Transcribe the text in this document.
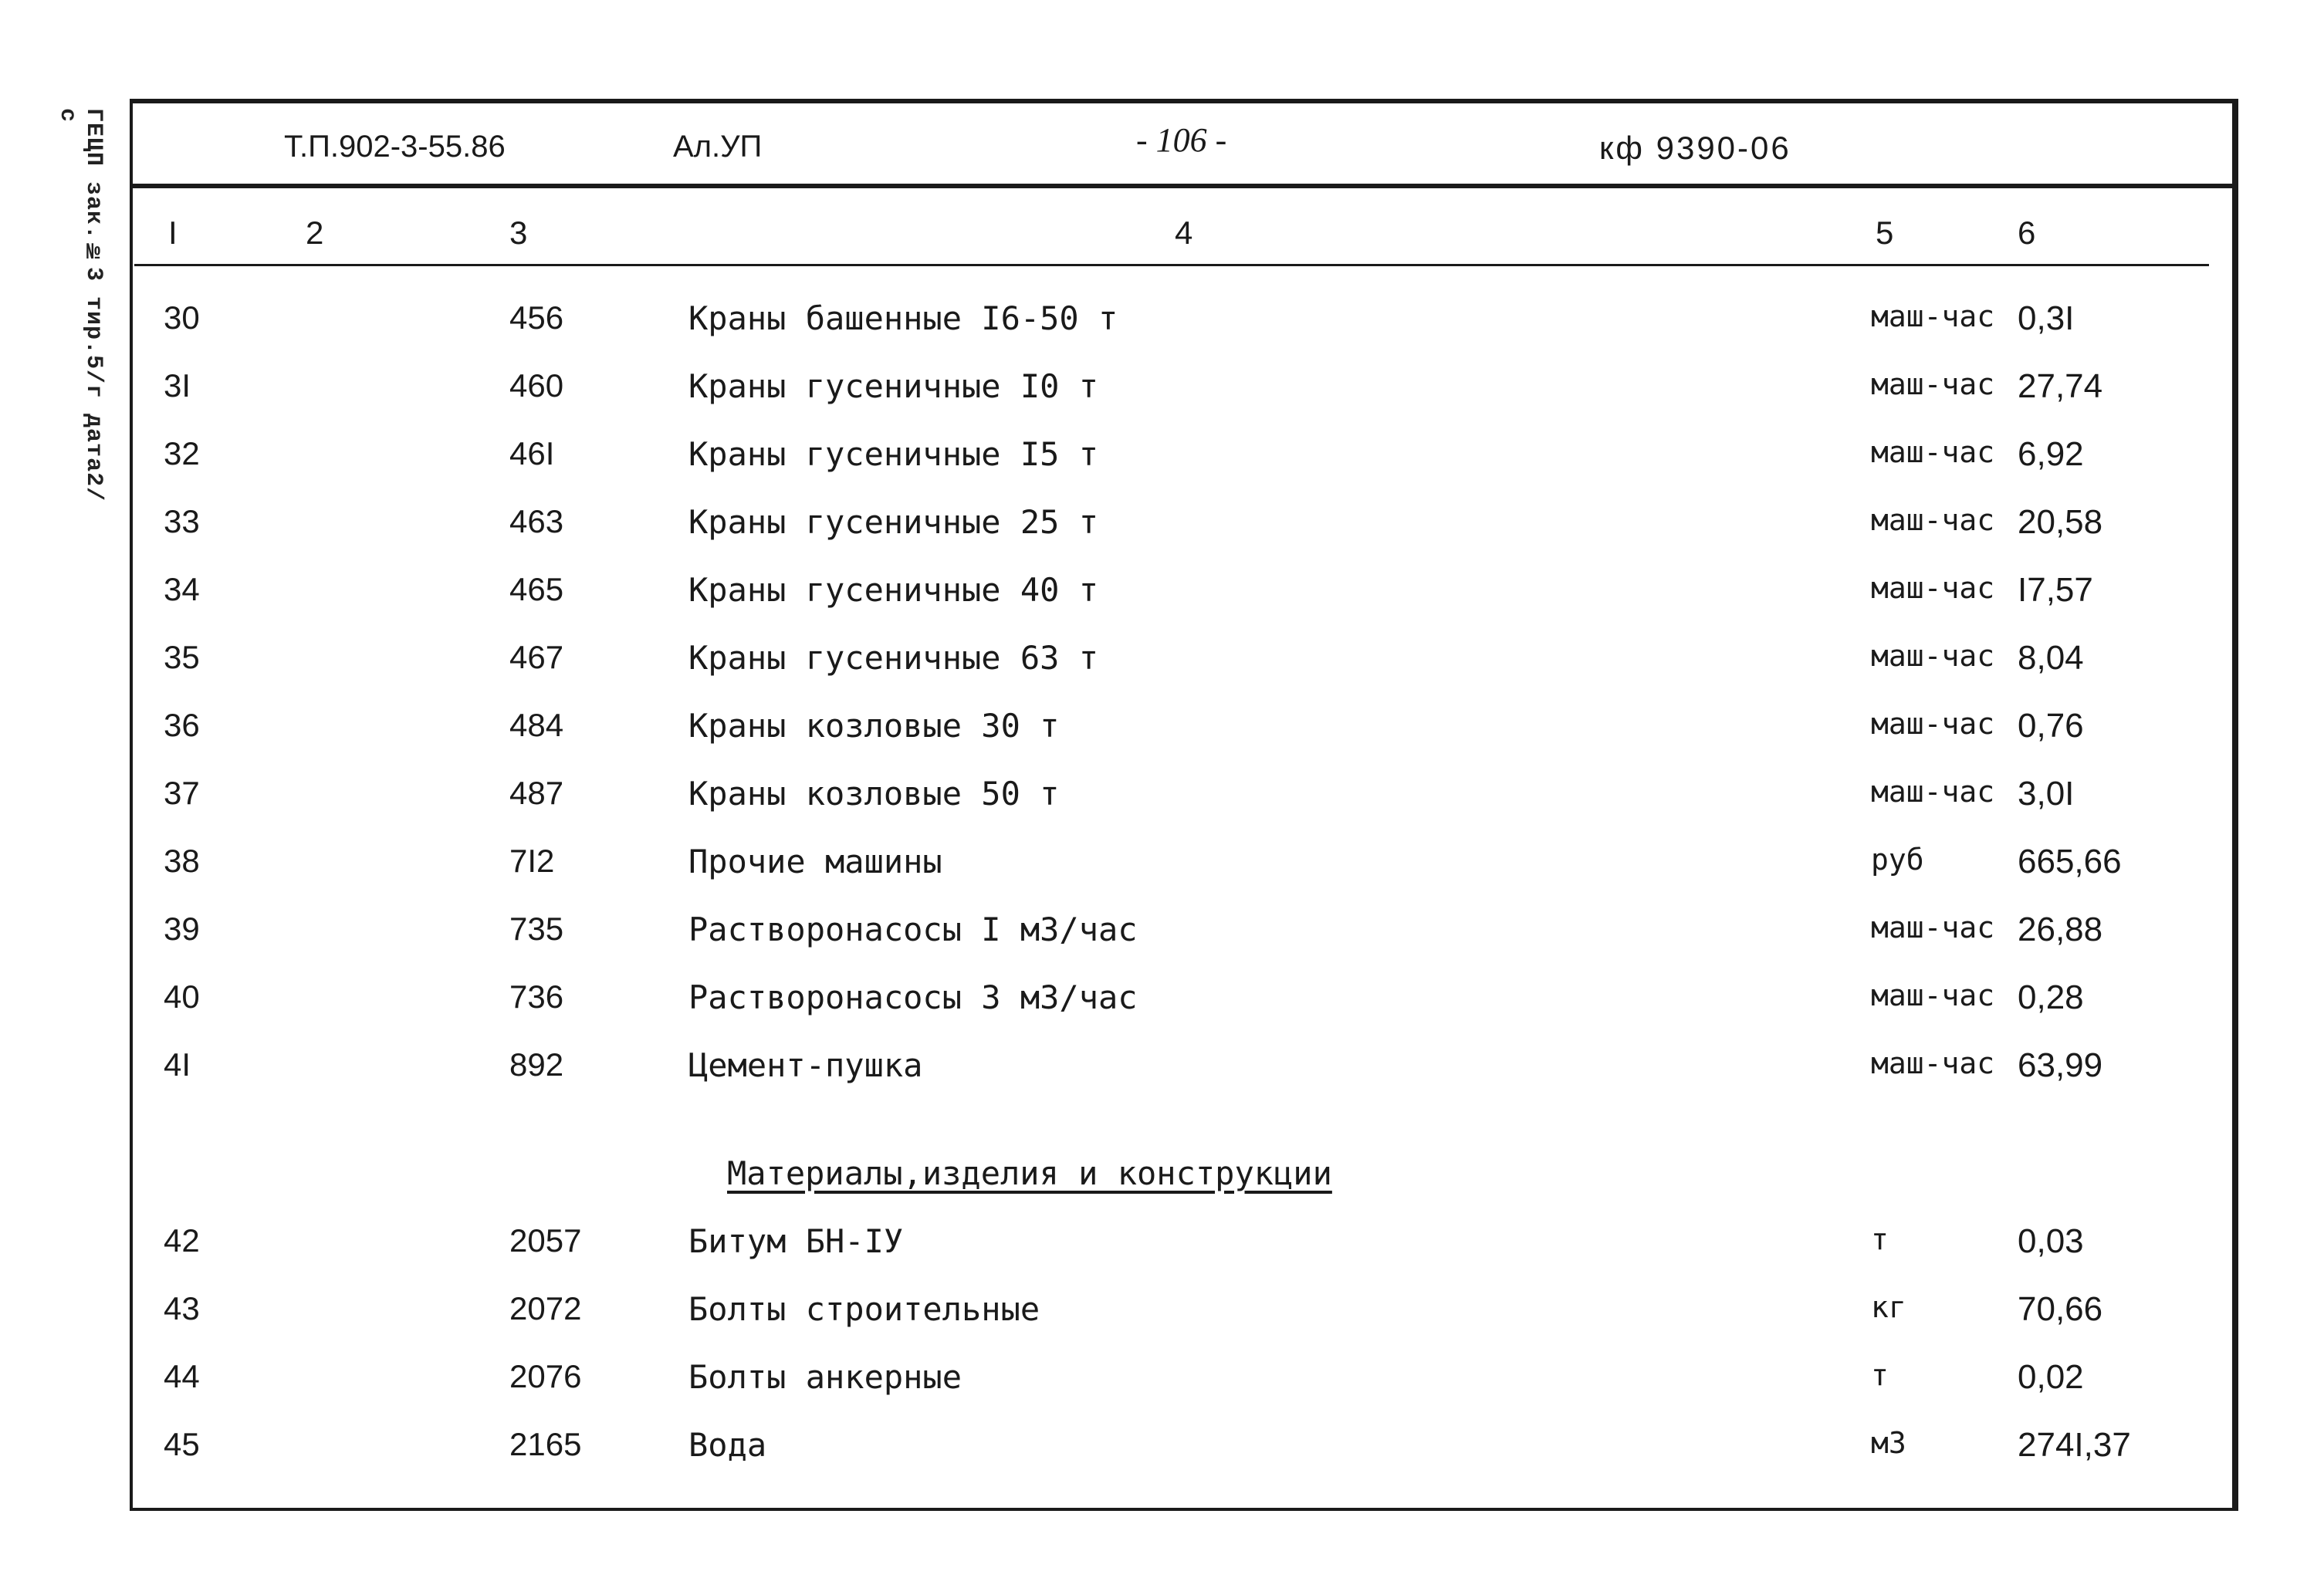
ГЕЦП зак.№3 тир.5/г дата2/с
Т.П.902-3-55.86	Ал.УП	- 106 -	кф 9390-06
I	2	3	4	5	6
30	456	Краны башенные I6-50 т	маш-час 0,3I
3I	460	Краны гусеничные I0 т	маш-час 27,74
32	46I	Краны гусеничные I5 т	маш-час 6,92
33	463	Краны гусеничные 25 т	маш-час 20,58
34	465	Краны гусеничные 40 т	маш-час I7,57
35	467	Краны гусеничные 63 т	маш-час 8,04
36	484	Краны козловые 30 т	маш-час 0,76
37	487	Краны козловые 50 т	маш-час 3,0I
38	7I2	Прочие машины	руб	665,66
39	735	Растворонасосы I м3/час	маш-час 26,88
40	736	Растворонасосы 3 м3/час	маш-час 0,28
4I	892	Цемент-пушка	маш-час 63,99
Материалы,изделия и конструкции
42	2057	Битум БН-IУ	т	0,03
43	2072	Болты строительные	кг	70,66
44	2076	Болты анкерные	т	0,02
45	2165	Вода	м3	274I,37
